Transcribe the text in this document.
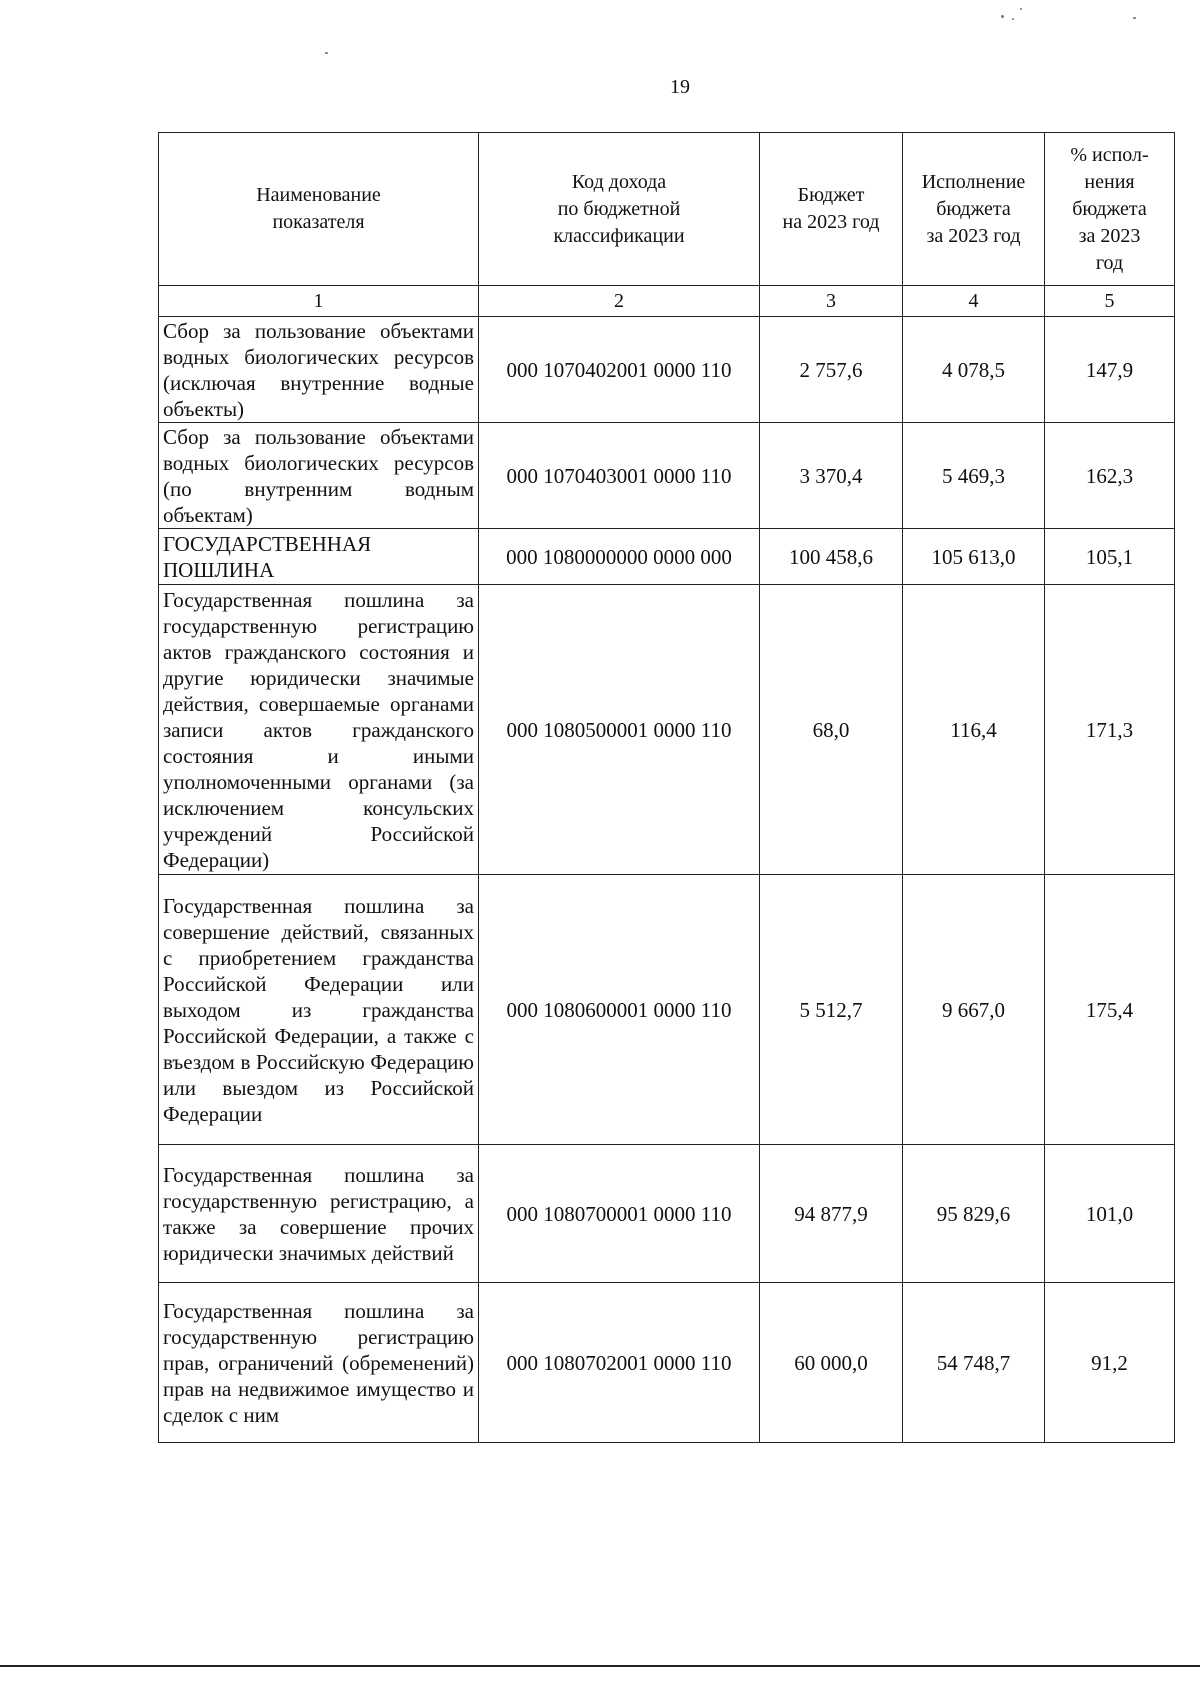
19
Наименование
показателя	Код дохода
по бюджетной
классификации	Бюджет
на 2023 год	Исполнение
бюджета
за 2023 год	% испол-
нения
бюджета
за 2023
год

1	2	3	4	5
Сбор за пользование объектами водных биологических ресурсов (исключая внутренние водные объекты)	000 1070402001 0000 110	2 757,6	4 078,5	147,9
Сбор за пользование объектами водных биологических ресурсов (по внутренним водным объектам)	000 1070403001 0000 110	3 370,4	5 469,3	162,3
ГОСУДАРСТВЕННАЯ ПОШЛИНА	000 1080000000 0000 000	100 458,6	105 613,0	105,1
Государственная пошлина за государственную регистрацию актов гражданского состояния и другие юридически значимые действия, совершаемые органами записи актов гражданского состояния и иными уполномоченными органами (за исключением консульских учреждений Российской Федерации)	000 1080500001 0000 110	68,0	116,4	171,3
Государственная пошлина за совершение действий, связанных с приобретением гражданства Российской Федерации или выходом из гражданства Российской Федерации, а также с въездом в Российскую Федерацию или выездом из Российской Федерации	000 1080600001 0000 110	5 512,7	9 667,0	175,4
Государственная пошлина за государственную регистрацию, а также за совершение прочих юридически значимых действий	000 1080700001 0000 110	94 877,9	95 829,6	101,0
Государственная пошлина за государственную регистрацию прав, ограничений (обременений) прав на недвижимое имущество и сделок с ним	000 1080702001 0000 110	60 000,0	54 748,7	91,2
